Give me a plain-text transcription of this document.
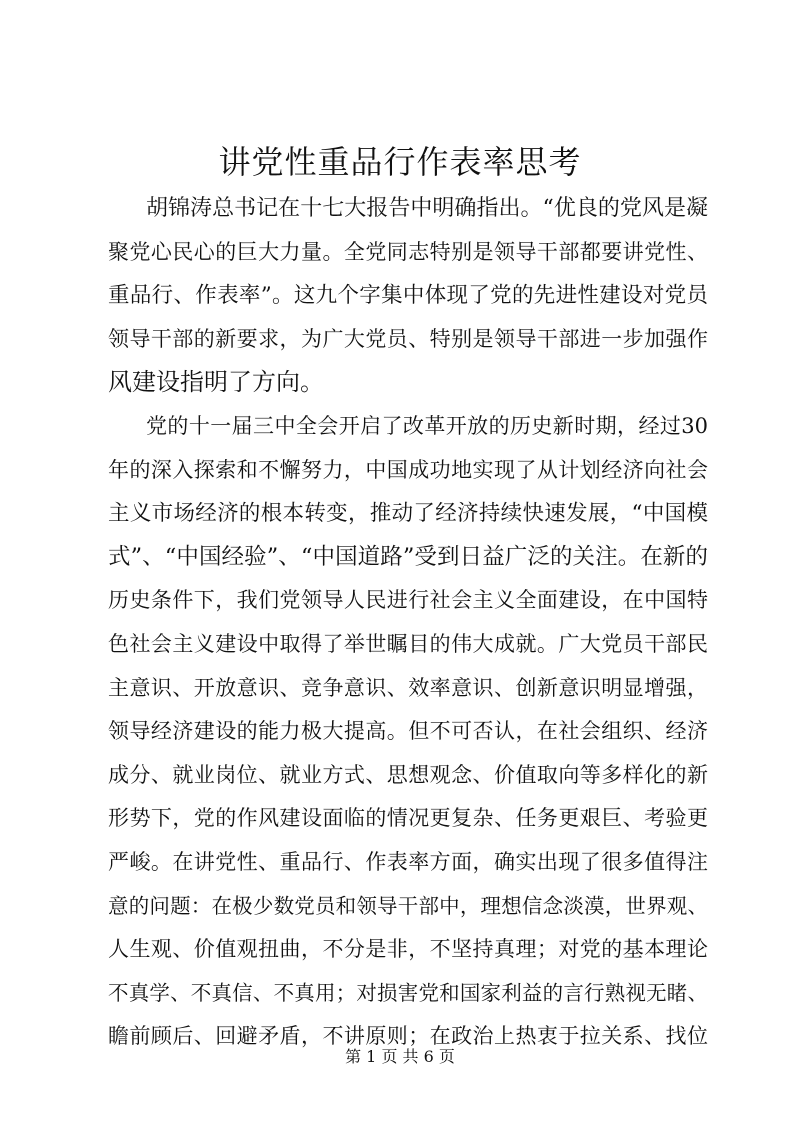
讲党性重品行作表率思考
胡锦涛总书记在十七大报告中明确指出。“优良的党风是凝
聚党心民心的巨大力量。全党同志特别是领导干部都要讲党性、
重品行、作表率”。这九个字集中体现了党的先进性建设对党员
领导干部的新要求，为广大党员、特别是领导干部进一步加强作
风建设指明了方向。
党的十一届三中全会开启了改革开放的历史新时期，经过30
年的深入探索和不懈努力，中国成功地实现了从计划经济向社会
主义市场经济的根本转变，推动了经济持续快速发展，“中国模
式”、“中国经验”、“中国道路”受到日益广泛的关注。在新的
历史条件下，我们党领导人民进行社会主义全面建设，在中国特
色社会主义建设中取得了举世瞩目的伟大成就。广大党员干部民
主意识、开放意识、竞争意识、效率意识、创新意识明显增强，
领导经济建设的能力极大提高。但不可否认，在社会组织、经济
成分、就业岗位、就业方式、思想观念、价值取向等多样化的新
形势下，党的作风建设面临的情况更复杂、任务更艰巨、考验更
严峻。在讲党性、重品行、作表率方面，确实出现了很多值得注
意的问题：在极少数党员和领导干部中，理想信念淡漠，世界观、
人生观、价值观扭曲，不分是非，不坚持真理；对党的基本理论
不真学、不真信、不真用；对损害党和国家利益的言行熟视无睹、
瞻前顾后、回避矛盾，不讲原则；在政治上热衷于拉关系、找位
第 1 页 共 6 页
